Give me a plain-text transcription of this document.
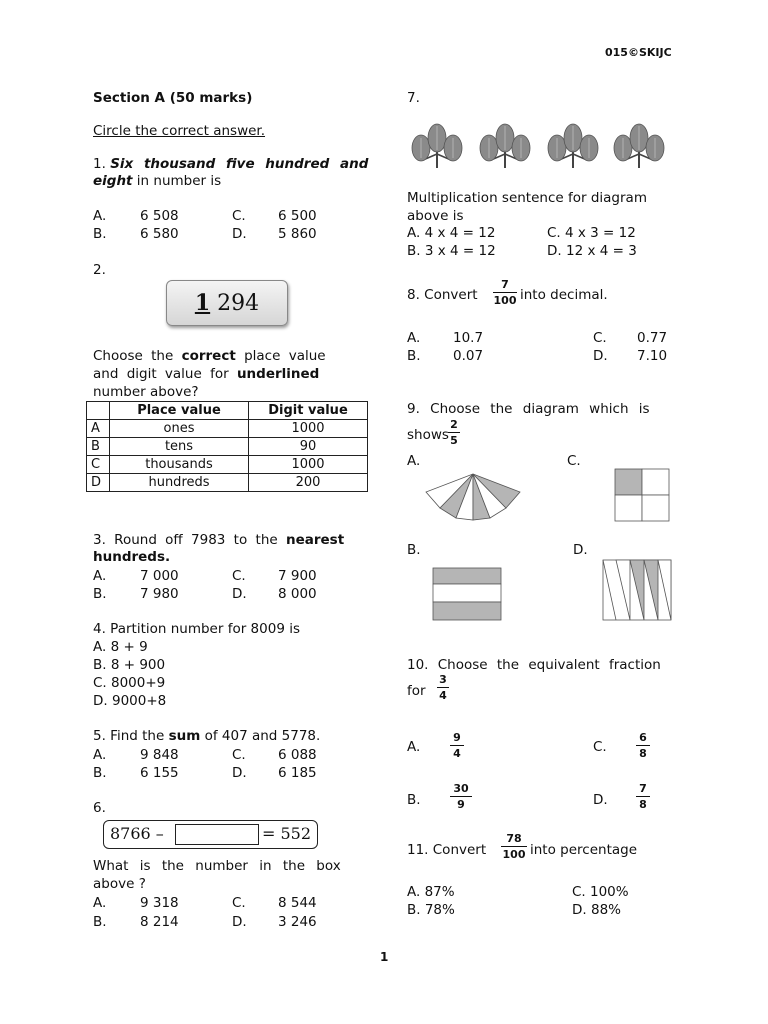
015©SKIJC
Section A (50 marks)
Circle the correct answer.
1. Six thousand five hundred and
eight in number is
A. 6 508	C. 6 500
B. 6 580	D. 5 860
2.
1 294
Choose the correct place value
and digit value for underlined
number above?
	Place value	Digit value
A	ones	1000
B	tens	90
C	thousands	1000
D	hundreds	200
3. Round off 7983 to the nearest
hundreds.
A. 7 000	C. 7 900
B. 7 980	D. 8 000
4. Partition number for 8009 is
A. 8 + 9
B. 8 + 900
C. 8000+9
D. 9000+8
5. Find the sum of 407 and 5778.
A. 9 848	C. 6 088
B. 6 155	D. 6 185
6.
8766 –	= 552
What is the number in the box
above ?
A. 9 318	C. 8 544
B. 8 214	D. 3 246
7.
Multiplication sentence for diagram
above is
A. 4 x 4 = 12	C. 4 x 3 = 12
B. 3 x 4 = 12	D. 12 x 4 = 3
8. Convert
7
100 into decimal.
A. 10.7	C. 0.77
B. 0.07	D. 7.10
9. Choose the diagram which is
shows
2
5
A.	C.
B.	D.
10. Choose the equivalent fraction
for
3
4
A.
9
4	C.
6
8
B.
30
9	D.
7
8
11. Convert
78
100 into percentage
A. 87%	C. 100%
B. 78%	D. 88%
1
